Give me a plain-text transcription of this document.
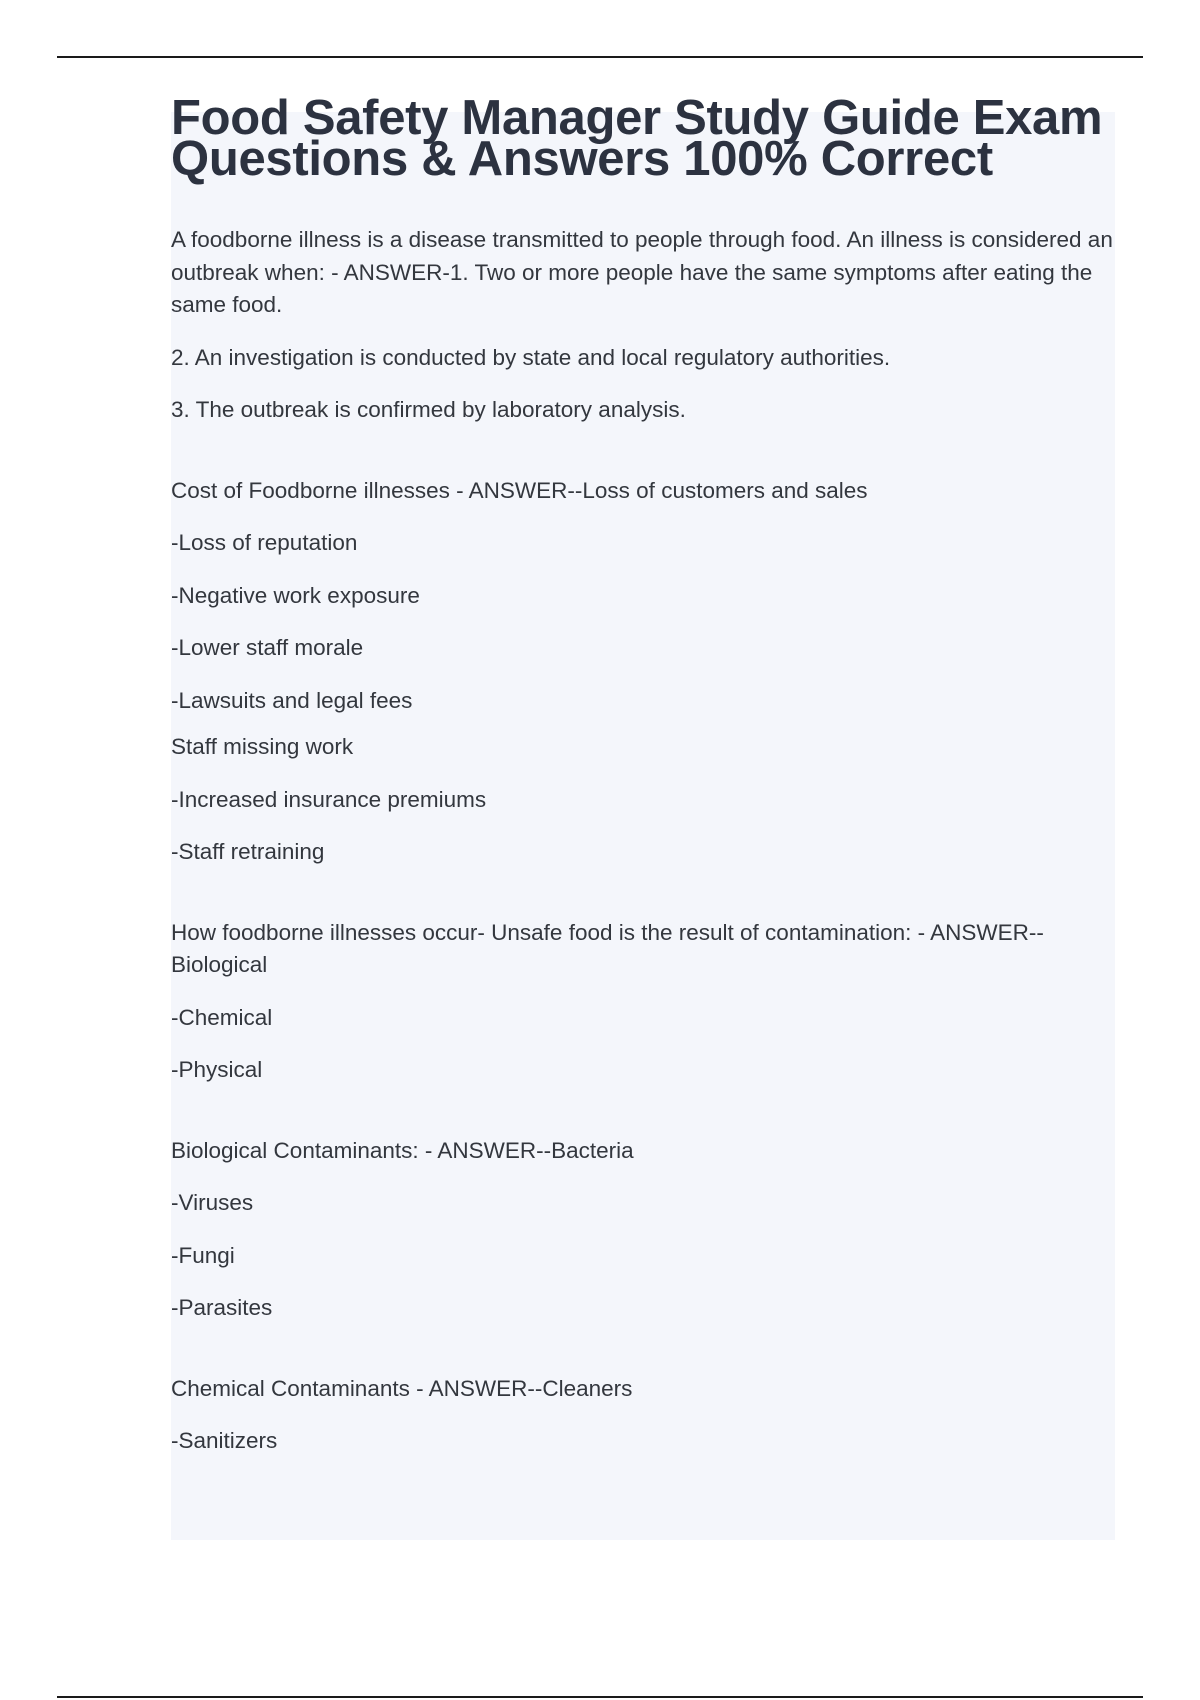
Food Safety Manager Study Guide Exam Questions & Answers 100% Correct

A foodborne illness is a disease transmitted to people through food. An illness is considered an outbreak when: - ANSWER-1. Two or more people have the same symptoms after eating the same food.

2. An investigation is conducted by state and local regulatory authorities.

3. The outbreak is confirmed by laboratory analysis.

Cost of Foodborne illnesses - ANSWER--Loss of customers and sales

-Loss of reputation

-Negative work exposure

-Lower staff morale

-Lawsuits and legal fees

Staff missing work

-Increased insurance premiums

-Staff retraining

How foodborne illnesses occur- Unsafe food is the result of contamination: - ANSWER--Biological

-Chemical

-Physical

Biological Contaminants: - ANSWER--Bacteria

-Viruses

-Fungi

-Parasites

Chemical Contaminants - ANSWER--Cleaners

-Sanitizers
